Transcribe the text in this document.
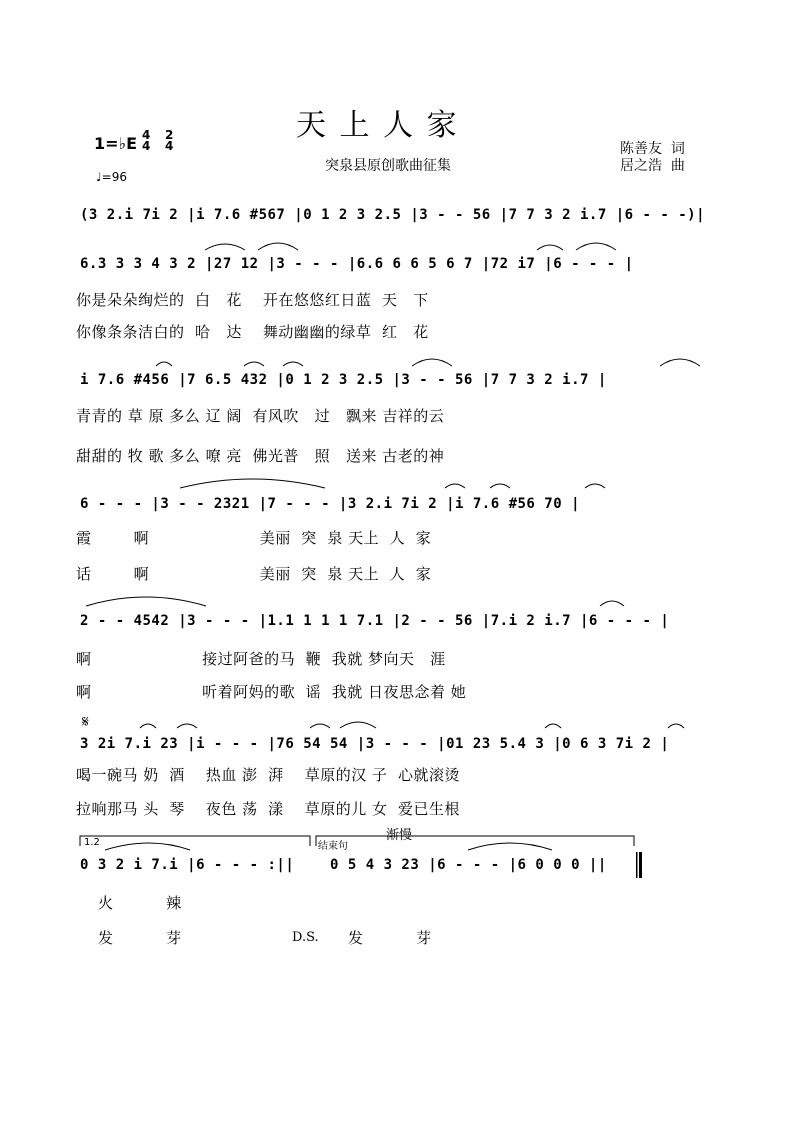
天 上 人 家
突泉县原创歌曲征集
1=♭E 4 4
2 4
♩=96
陈善友  词
居之浩  曲
(3 2.i 7i 2 |i 7.6 #567 |0 1 2 3 2.5 |3 - - 56 |7 7 3 2 i.7 |6 - - -)|
6.3 3 3 4 3 2 |27 12 |3 - - - |6.6 6 6 5 6 7 |72 i7 |6 - - - |
你是朵朵绚烂的  白   花    开在悠悠红日蓝  天   下
你像条条洁白的  哈   达    舞动幽幽的绿草  红   花
i 7.6 #456 |7 6.5 432 |0 1 2 3 2.5 |3 - - 56 |7 7 3 2 i.7 |
青青的 草 原 多么 辽 阔  有风吹   过   飘来 吉祥的云
甜甜的 牧 歌 多么 嘹 亮  佛光普   照   送来 古老的神
6 - - - |3 - - 2321 |7 - - - |3 2.i 7i 2 |i 7.6 #56 70 |
霞        啊                     美丽  突  泉 天上  人  家
话        啊                     美丽  突  泉 天上  人  家
2 - - 4542 |3 - - - |1.1 1 1 1 7.1 |2 - - 56 |7.i 2 i.7 |6 - - - |
啊                     接过阿爸的马  鞭  我就 梦向天   涯
啊                     听着阿妈的歌  谣  我就 日夜思念着 她
𝄋
3 2i 7.i 23 |i - - - |76 54 54 |3 - - - |01 23 5.4 3 |0 6 3 7i 2 |
喝一碗马 奶  酒    热血 澎  湃    草原的汉 子  心就滚烫
拉响那马 头  琴    夜色 荡  漾    草原的儿 女  爱已生根
1.2	结束句
渐慢
0 3 2 i 7.i |6 - - - :||	0 5 4 3 23 |6 - - - |6 0 0 0 ||
火          辣
发          芽	D.S. 发          芽
